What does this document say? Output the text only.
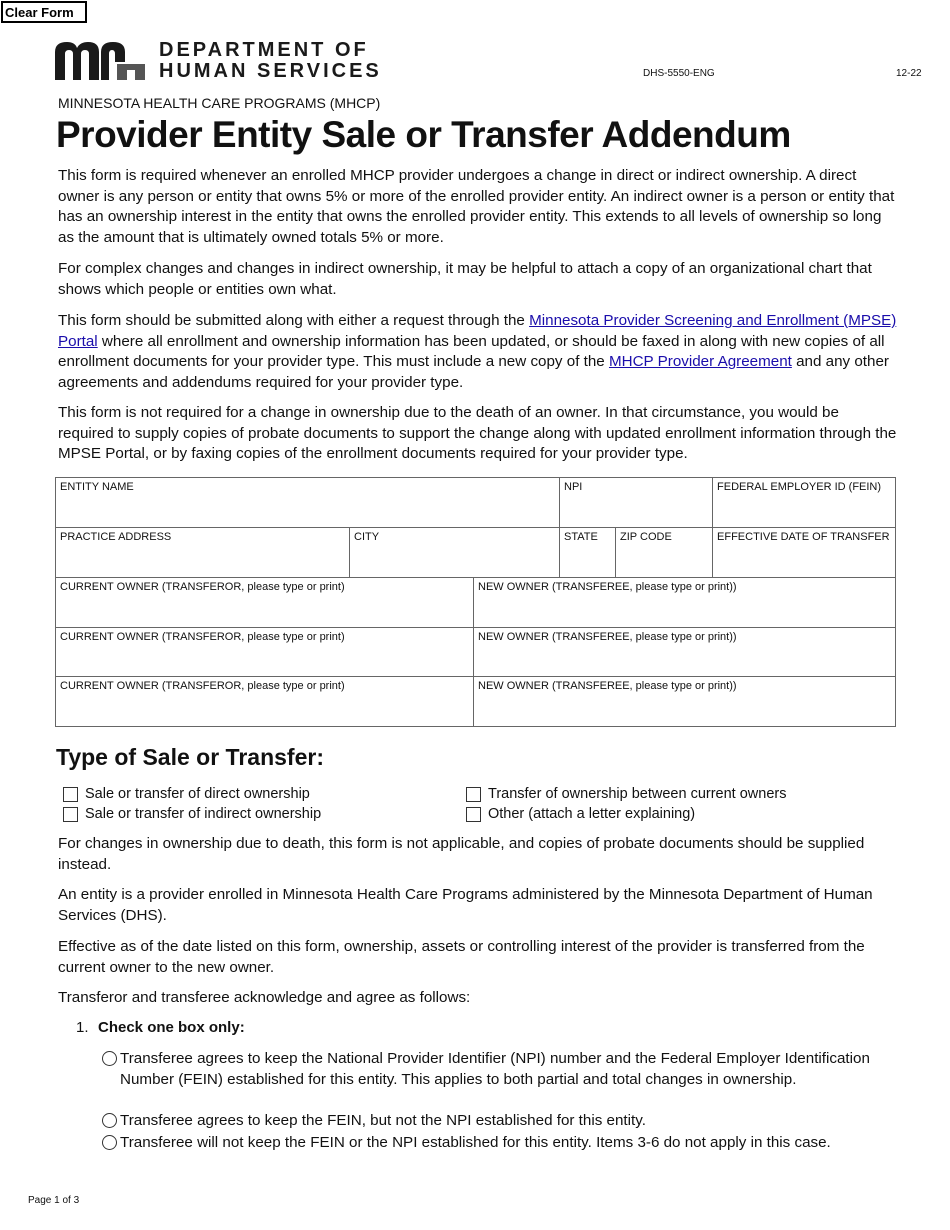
Clear Form
DEPARTMENT OF
HUMAN SERVICES	DHS-5550-ENG	12-22
MINNESOTA HEALTH CARE PROGRAMS (MHCP)
Provider Entity Sale or Transfer Addendum

This form is required whenever an enrolled MHCP provider undergoes a change in direct or indirect ownership. A direct owner is any person or entity that owns 5% or more of the enrolled provider entity. An indirect owner is a person or entity that has an ownership interest in the entity that owns the enrolled provider entity. This extends to all levels of ownership so long as the amount that is ultimately owned totals 5% or more.

For complex changes and changes in indirect ownership, it may be helpful to attach a copy of an organizational chart that shows which people or entities own what.

This form should be submitted along with either a request through the Minnesota Provider Screening and Enrollment (MPSE) Portal where all enrollment and ownership information has been updated, or should be faxed in along with new copies of all enrollment documents for your provider type. This must include a new copy of the MHCP Provider Agreement and any other agreements and addendums required for your provider type.

This form is not required for a change in ownership due to the death of an owner. In that circumstance, you would be required to supply copies of probate documents to support the change along with updated enrollment information through the MPSE Portal, or by faxing copies of the enrollment documents required for your provider type.

ENTITY NAME			NPI		FEDERAL EMPLOYER ID (FEIN)
PRACTICE ADDRESS	CITY		STATE	ZIP CODE	EFFECTIVE DATE OF TRANSFER
CURRENT OWNER (TRANSFEROR, please type or print)		NEW OWNER (TRANSFEREE, please type or print))			
CURRENT OWNER (TRANSFEROR, please type or print)		NEW OWNER (TRANSFEREE, please type or print))			
CURRENT OWNER (TRANSFEROR, please type or print)		NEW OWNER (TRANSFEREE, please type or print))			
Type of Sale or Transfer:
Sale or transfer of direct ownership
Sale or transfer of indirect ownership
Transfer of ownership between current owners
Other (attach a letter explaining)

For changes in ownership due to death, this form is not applicable, and copies of probate documents should be supplied instead.

An entity is a provider enrolled in Minnesota Health Care Programs administered by the Minnesota Department of Human Services (DHS).

Effective as of the date listed on this form, ownership, assets or controlling interest of the provider is transferred from the current owner to the new owner.

Transferor and transferee acknowledge and agree as follows:

1. Check one box only:
Transferee agrees to keep the National Provider Identifier (NPI) number and the Federal Employer Identification Number (FEIN) established for this entity. This applies to both partial and total changes in ownership.
Transferee agrees to keep the FEIN, but not the NPI established for this entity.
Transferee will not keep the FEIN or the NPI established for this entity. Items 3-6 do not apply in this case.
Page 1 of 3
